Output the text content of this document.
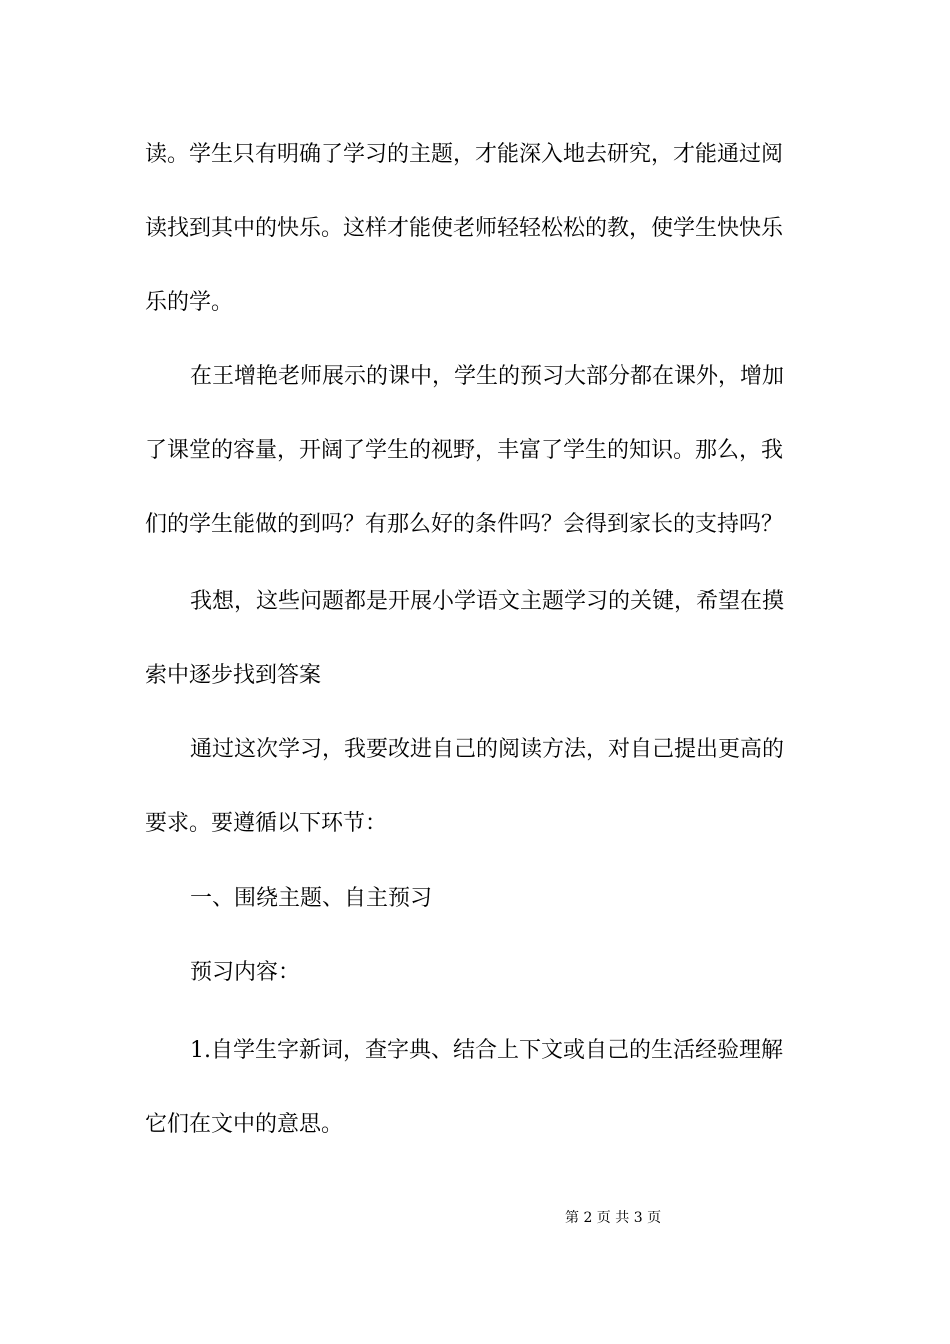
读。学生只有明确了学习的主题，才能深入地去研究，才能通过阅
读找到其中的快乐。这样才能使老师轻轻松松的教，使学生快快乐
乐的学。
在王增艳老师展示的课中，学生的预习大部分都在课外，增加
了课堂的容量，开阔了学生的视野，丰富了学生的知识。那么，我
们的学生能做的到吗？有那么好的条件吗？会得到家长的支持吗？
我想，这些问题都是开展小学语文主题学习的关键，希望在摸
索中逐步找到答案
通过这次学习，我要改进自己的阅读方法，对自己提出更高的
要求。要遵循以下环节：
一、围绕主题、自主预习
预习内容：
1.自学生字新词，查字典、结合上下文或自己的生活经验理解
它们在文中的意思。
第 2 页 共 3 页
